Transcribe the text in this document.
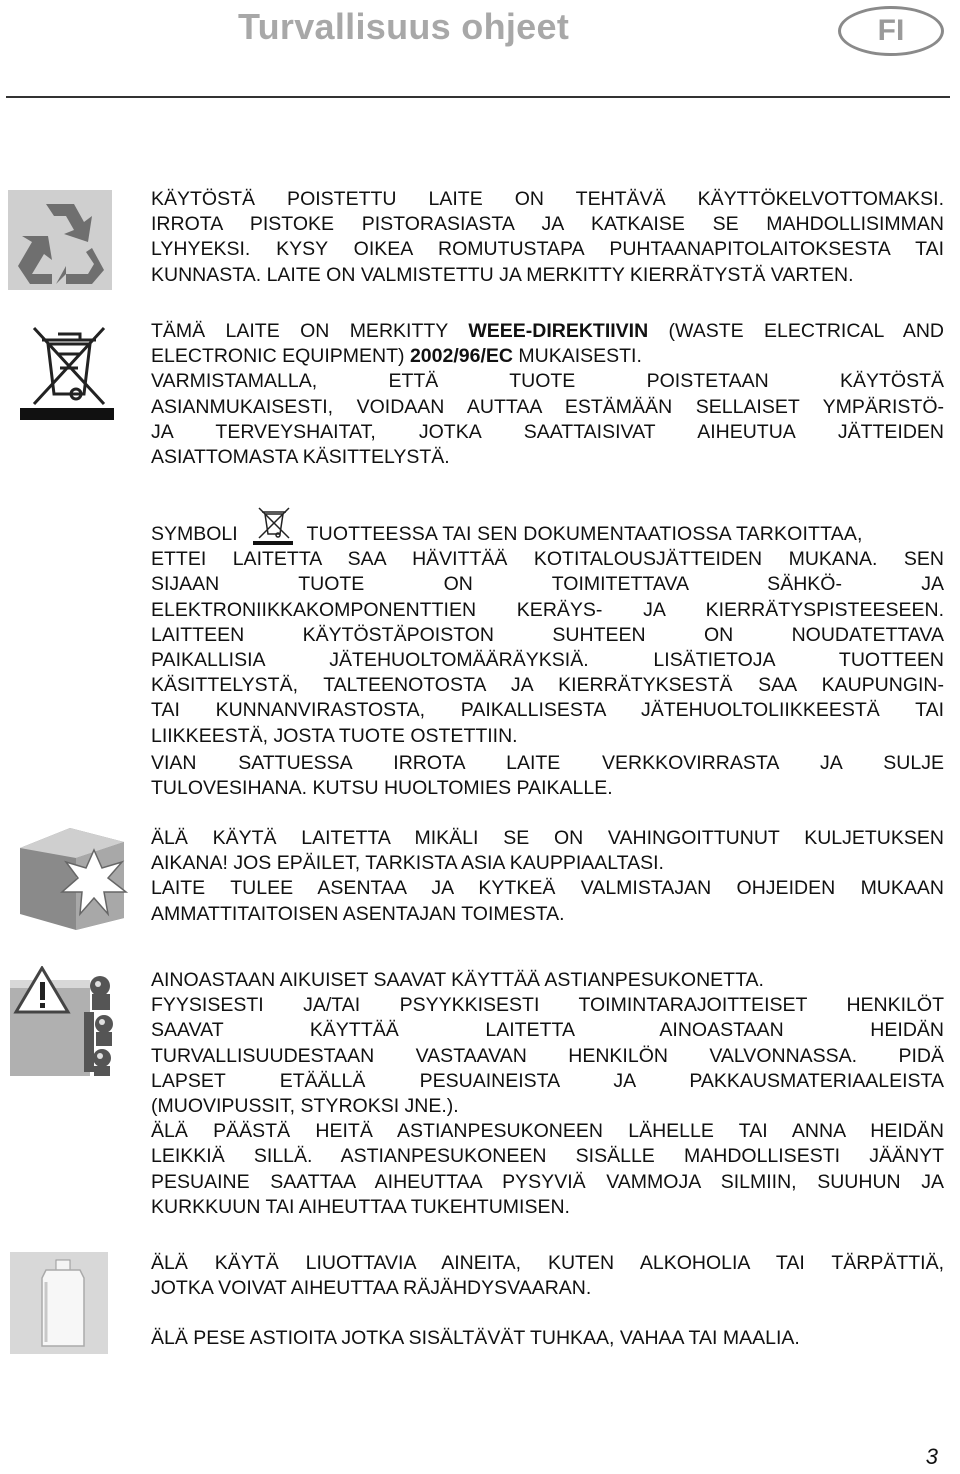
Turvallisuus ohjeet	FI
KÄYTÖSTÄ POISTETTU LAITE ON TEHTÄVÄ KÄYTTÖKELVOTTOMAKSI.
IRROTA PISTOKE PISTORASIASTA JA KATKAISE SE MAHDOLLISIMMAN
LYHYEKSI. KYSY OIKEA ROMUTUSTAPA PUHTAANAPITOLAITOKSESTA TAI
KUNNASTA. LAITE ON VALMISTETTU JA MERKITTY KIERRÄTYSTÄ VARTEN.
TÄMÄ LAITE ON MERKITTY WEEE-DIREKTIIVIN (WASTE ELECTRICAL AND
ELECTRONIC EQUIPMENT) 2002/96/EC MUKAISESTI.
VARMISTAMALLA, ETTÄ TUOTE POISTETAAN KÄYTÖSTÄ
ASIANMUKAISESTI, VOIDAAN AUTTAA ESTÄMÄÄN SELLAISET YMPÄRISTÖ-
JA TERVEYSHAITAT, JOTKA SAATTAISIVAT AIHEUTUA JÄTTEIDEN
ASIATTOMASTA KÄSITTELYSTÄ.
SYMBOLI	TUOTTEESSA TAI SEN DOKUMENTAATIOSSA TARKOITTAA,
ETTEI LAITETTA SAA HÄVITTÄÄ KOTITALOUSJÄTTEIDEN MUKANA. SEN
SIJAAN TUOTE ON TOIMITETTAVA SÄHKÖ- JA
ELEKTRONIIKKAKOMPONENTTIEN KERÄYS- JA KIERRÄTYSPISTEESEEN.
LAITTEEN KÄYTÖSTÄPOISTON SUHTEEN ON NOUDATETTAVA
PAIKALLISIA JÄTEHUOLTOMÄÄRÄYKSIÄ. LISÄTIETOJA TUOTTEEN
KÄSITTELYSTÄ, TALTEENOTOSTA JA KIERRÄTYKSESTÄ SAA KAUPUNGIN-
TAI KUNNANVIRASTOSTA, PAIKALLISESTA JÄTEHUOLTOLIIKKEESTÄ TAI
LIIKKEESTÄ, JOSTA TUOTE OSTETTIIN.
VIAN SATTUESSA IRROTA LAITE VERKKOVIRRASTA JA SULJE
TULOVESIHANA. KUTSU HUOLTOMIES PAIKALLE.
ÄLÄ KÄYTÄ LAITETTA MIKÄLI SE ON VAHINGOITTUNUT KULJETUKSEN
AIKANA! JOS EPÄILET, TARKISTA ASIA KAUPPIAALTASI.
LAITE TULEE ASENTAA JA KYTKEÄ VALMISTAJAN OHJEIDEN MUKAAN
AMMATTITAITOISEN ASENTAJAN TOIMESTA.
AINOASTAAN AIKUISET SAAVAT KÄYTTÄÄ ASTIANPESUKONETTA.
FYYSISESTI JA/TAI PSYYKKISESTI TOIMINTARAJOITTEISET HENKILÖT
SAAVAT KÄYTTÄÄ LAITETTA AINOASTAAN HEIDÄN
TURVALLISUUDESTAAN VASTAAVAN HENKILÖN VALVONNASSA. PIDÄ
LAPSET ETÄÄLLÄ PESUAINEISTA JA PAKKAUSMATERIAALEISTA
(MUOVIPUSSIT, STYROKSI JNE.).
ÄLÄ PÄÄSTÄ HEITÄ ASTIANPESUKONEEN LÄHELLE TAI ANNA HEIDÄN
LEIKKIÄ SILLÄ. ASTIANPESUKONEEN SISÄLLE MAHDOLLISESTI JÄÄNYT
PESUAINE SAATTAA AIHEUTTAA PYSYVIÄ VAMMOJA SILMIIN, SUUHUN JA
KURKKUUN TAI AIHEUTTAA TUKEHTUMISEN.
ÄLÄ KÄYTÄ LIUOTTAVIA AINEITA, KUTEN ALKOHOLIA TAI TÄRPÄTTIÄ,
JOTKA VOIVAT AIHEUTTAA RÄJÄHDYSVAARAN.
ÄLÄ PESE ASTIOITA JOTKA SISÄLTÄVÄT TUHKAA, VAHAA TAI MAALIA.
3
